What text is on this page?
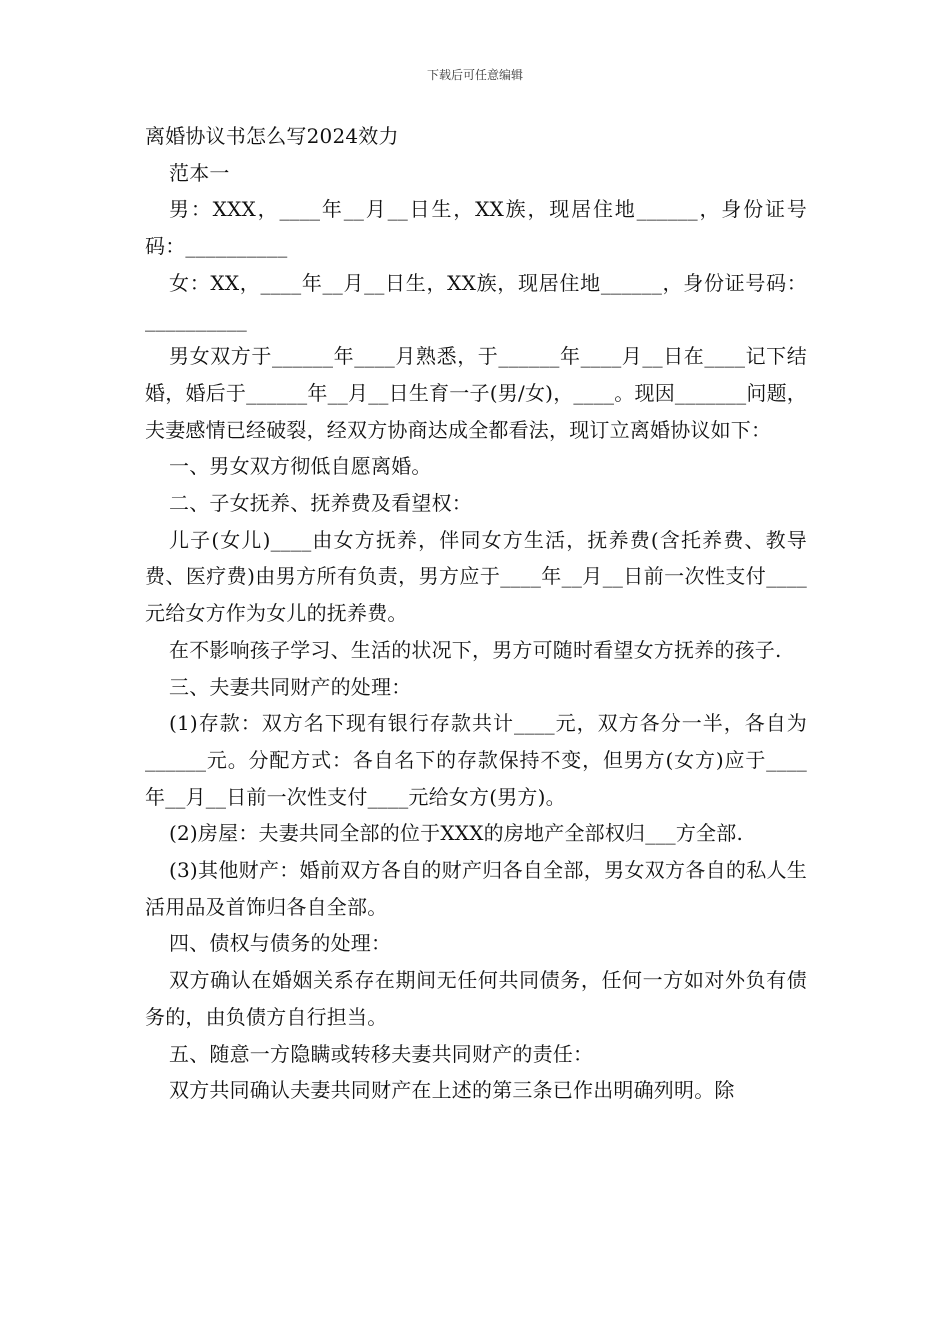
下载后可任意编辑

离婚协议书怎么写2024效力

范本一

男：XXX，____年__月__日生，XX族，现居住地______，身份证号码：__________

女：XX，____年__月__日生，XX族，现居住地______，身份证号码：__________

男女双方于______年____月熟悉，于______年____月__日在____记下结婚，婚后于______年__月__日生育一子(男/女)，____。现因_______问题，夫妻感情已经破裂，经双方协商达成全都看法，现订立离婚协议如下：

一、男女双方彻低自愿离婚。

二、子女抚养、抚养费及看望权：

儿子(女儿)____由女方抚养，伴同女方生活，抚养费(含托养费、教导费、医疗费)由男方所有负责，男方应于____年__月__日前一次性支付____元给女方作为女儿的抚养费。

在不影响孩子学习、生活的状况下，男方可随时看望女方抚养的孩子.

三、夫妻共同财产的处理：

(1)存款：双方名下现有银行存款共计____元，双方各分一半，各自为______元。分配方式：各自名下的存款保持不变，但男方(女方)应于____年__月__日前一次性支付____元给女方(男方)。

(2)房屋：夫妻共同全部的位于XXX的房地产全部权归___方全部.

(3)其他财产：婚前双方各自的财产归各自全部，男女双方各自的私人生活用品及首饰归各自全部。

四、债权与债务的处理：

双方确认在婚姻关系存在期间无任何共同债务，任何一方如对外负有债务的，由负债方自行担当。

五、随意一方隐瞒或转移夫妻共同财产的责任：

双方共同确认夫妻共同财产在上述的第三条已作出明确列明。除
